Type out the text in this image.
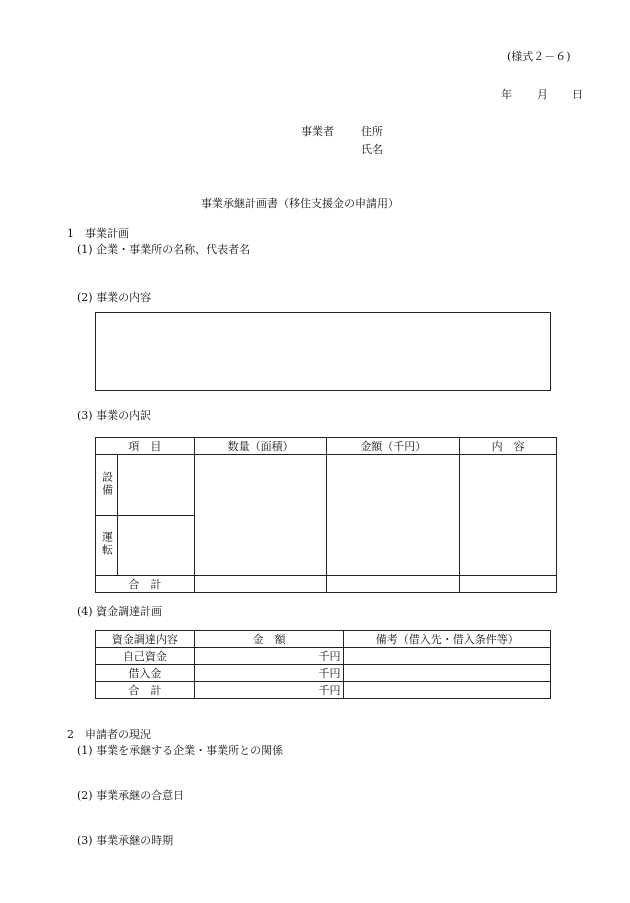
(様式２－６)
年 月 日
事業者 住所
氏名
事業承継計画書（移住支援金の申請用）
1　事業計画
(1) 企業・事業所の名称、代表者名
(2) 事業の内容
(3) 事業の内訳
項　目		数量（面積）	金額（千円）	内　容
設備				
運転				
合　計				
(4) 資金調達計画
資金調達内容	金　額	備考（借入先・借入条件等）
自己資金	千円	
借入金	千円	
合　計	千円	
2　申請者の現況
(1) 事業を承継する企業・事業所との関係
(2) 事業承継の合意日
(3) 事業承継の時期
